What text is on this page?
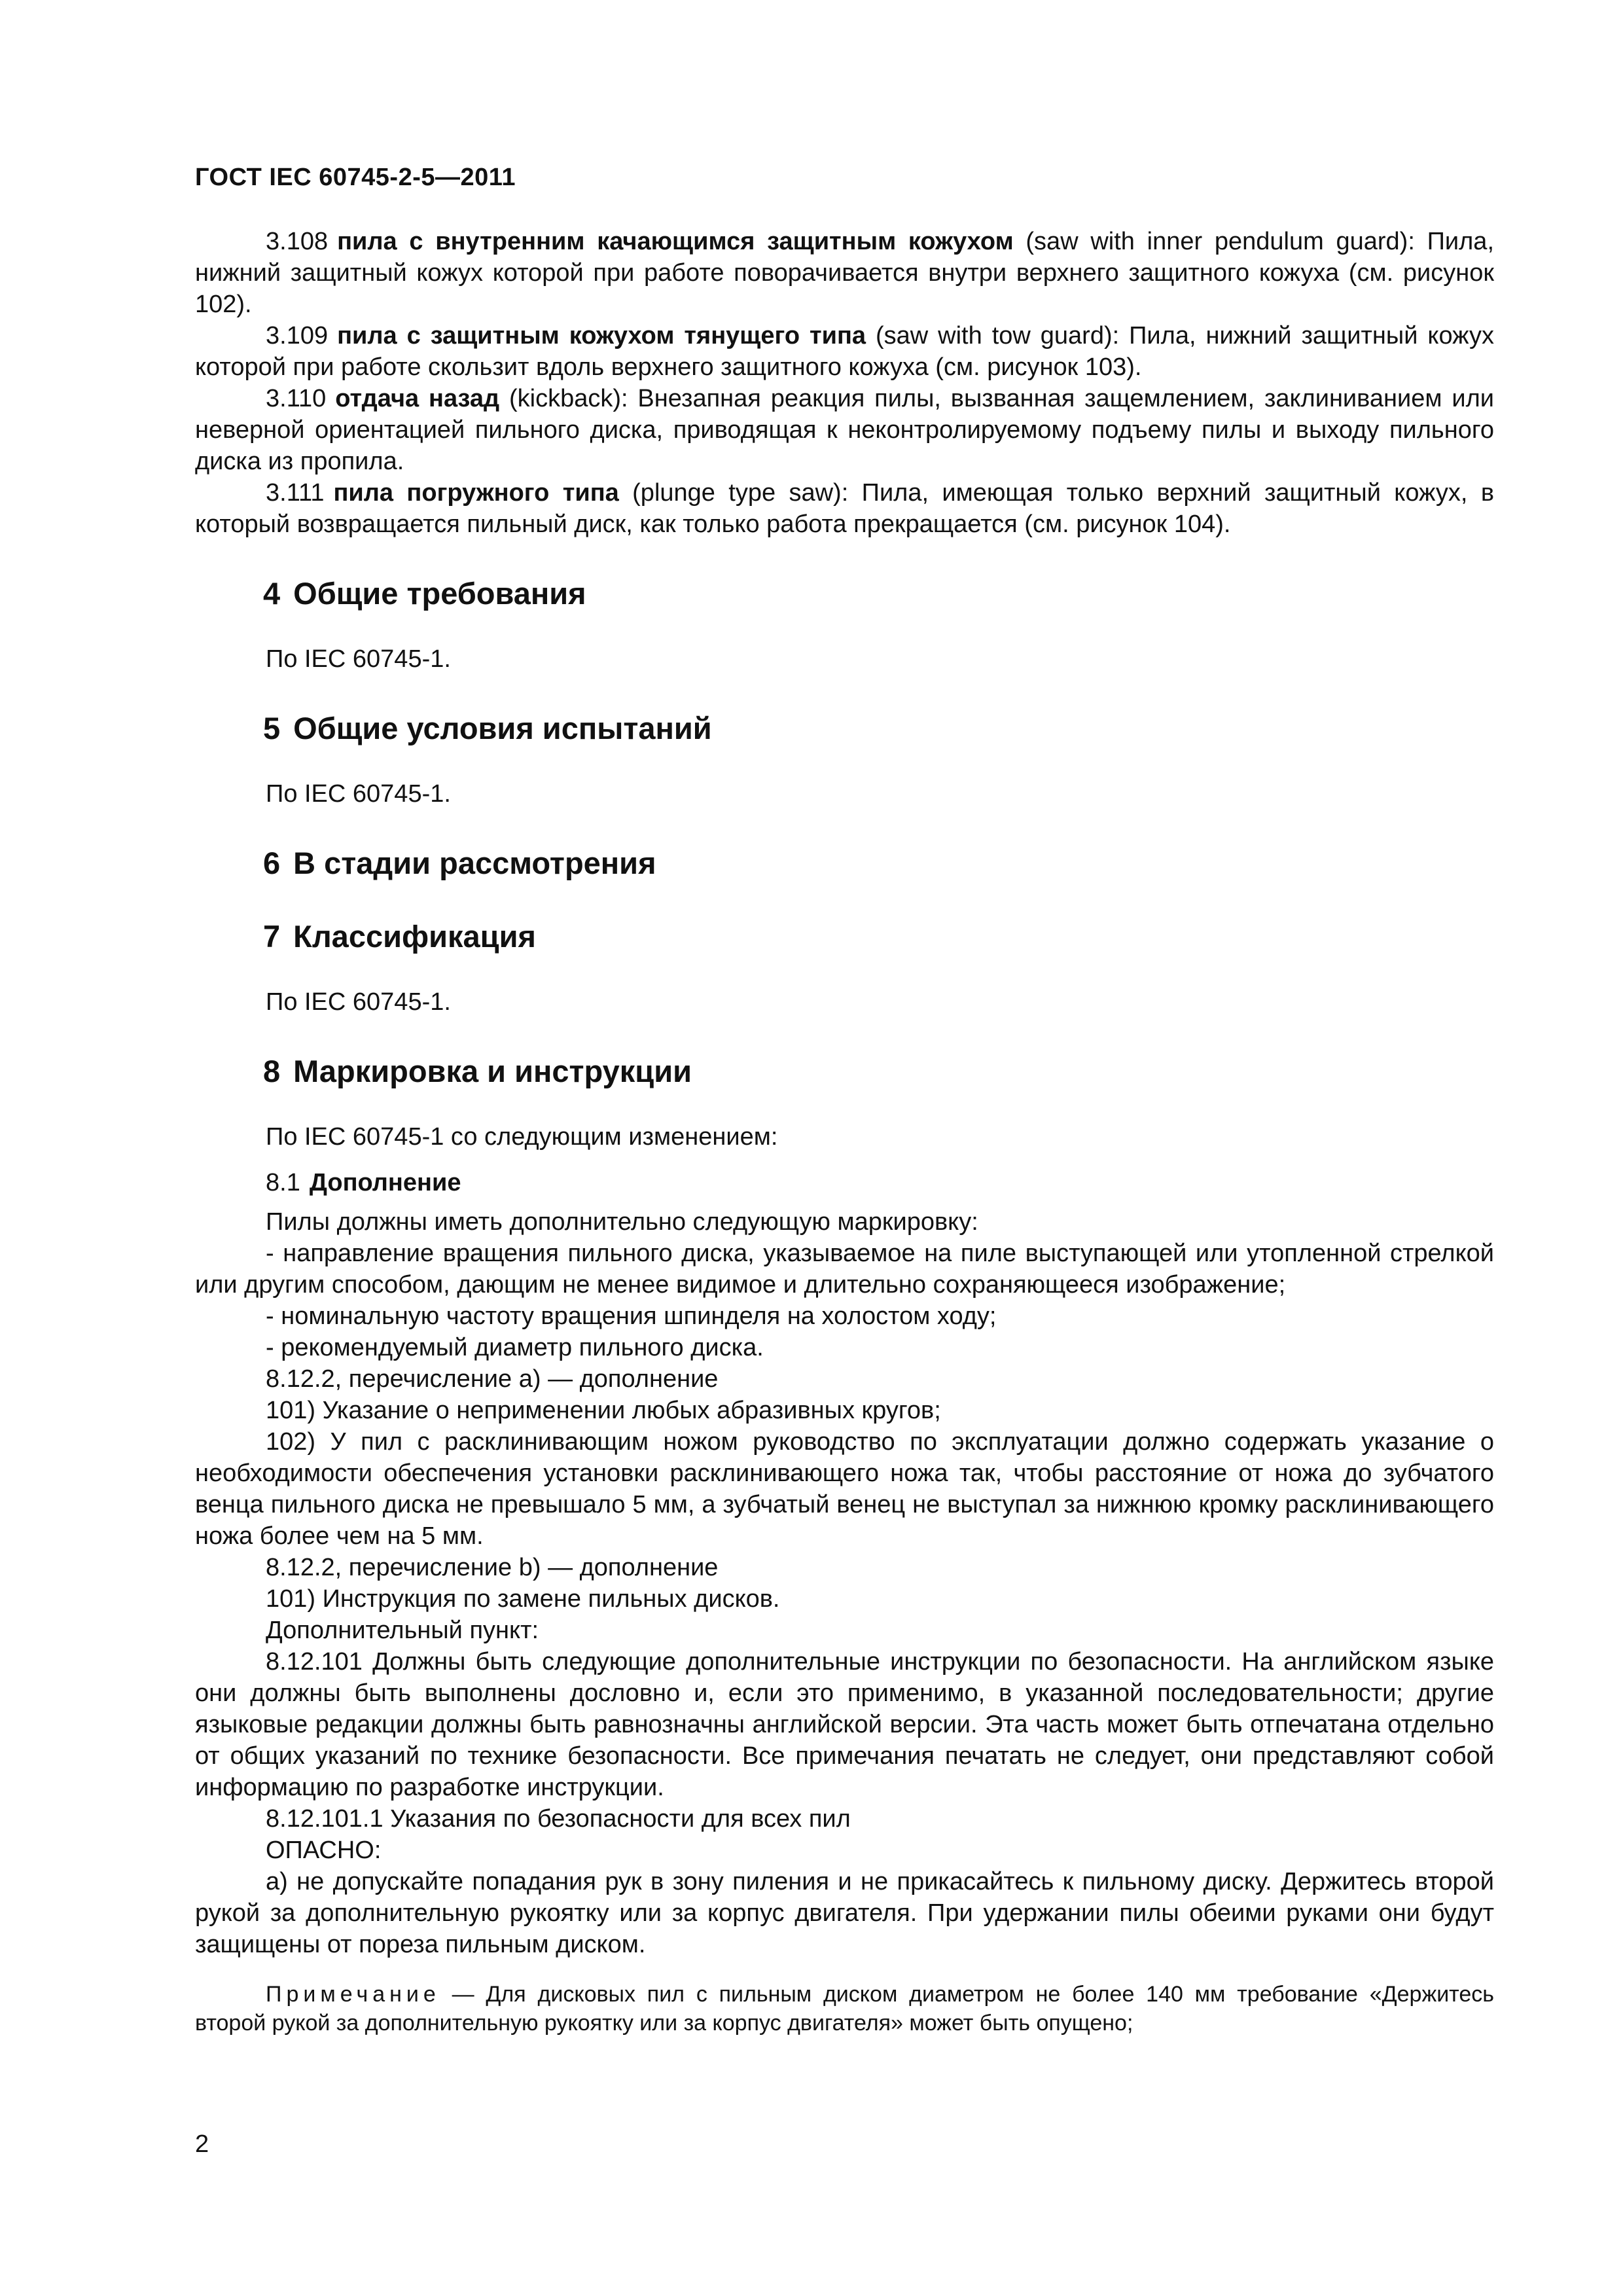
ГОСТ IEC 60745-2-5—2011

3.108 пила с внутренним качающимся защитным кожухом (saw with inner pendulum guard): Пила, нижний защитный кожух которой при работе поворачивается внутри верхнего защитного кожуха (см. рисунок 102).

3.109 пила с защитным кожухом тянущего типа (saw with tow guard): Пила, нижний защитный кожух которой при работе скользит вдоль верхнего защитного кожуха (см. рисунок 103).

3.110 отдача назад (kickback): Внезапная реакция пилы, вызванная защемлением, заклиниванием или неверной ориентацией пильного диска, приводящая к неконтролируемому подъему пилы и выходу пильного диска из пропила.

3.111 пила погружного типа (plunge type saw): Пила, имеющая только верхний защитный кожух, в который возвращается пильный диск, как только работа прекращается (см. рисунок 104).

4 Общие требования

По IEC 60745-1.

5 Общие условия испытаний

По IEC 60745-1.

6 В стадии рассмотрения
7 Классификация

По IEC 60745-1.

8 Маркировка и инструкции

По IEC 60745-1 со следующим изменением:

8.1 Дополнение

Пилы должны иметь дополнительно следующую маркировку:

- направление вращения пильного диска, указываемое на пиле выступающей или утопленной стрелкой или другим способом, дающим не менее видимое и длительно сохраняющееся изображение;

- номинальную частоту вращения шпинделя на холостом ходу;

- рекомендуемый диаметр пильного диска.

8.12.2, перечисление а) — дополнение

101) Указание о неприменении любых абразивных кругов;

102) У пил с расклинивающим ножом руководство по эксплуатации должно содержать указание о необходимости обеспечения установки расклинивающего ножа так, чтобы расстояние от ножа до зубчатого венца пильного диска не превышало 5 мм, а зубчатый венец не выступал за нижнюю кромку расклинивающего ножа более чем на 5 мм.

8.12.2, перечисление b) — дополнение

101) Инструкция по замене пильных дисков.

Дополнительный пункт:

8.12.101 Должны быть следующие дополнительные инструкции по безопасности. На английском языке они должны быть выполнены дословно и, если это применимо, в указанной последовательности; другие языковые редакции должны быть равнозначны английской версии. Эта часть может быть отпечатана отдельно от общих указаний по технике безопасности. Все примечания печатать не следует, они представляют собой информацию по разработке инструкции.

8.12.101.1 Указания по безопасности для всех пил

ОПАСНО:

а) не допускайте попадания рук в зону пиления и не прикасайтесь к пильному диску. Держитесь второй рукой за дополнительную рукоятку или за корпус двигателя. При удержании пилы обеими руками они будут защищены от пореза пильным диском.

Примечание — Для дисковых пил с пильным диском диаметром не более 140 мм требование «Держитесь второй рукой за дополнительную рукоятку или за корпус двигателя» может быть опущено;

2
